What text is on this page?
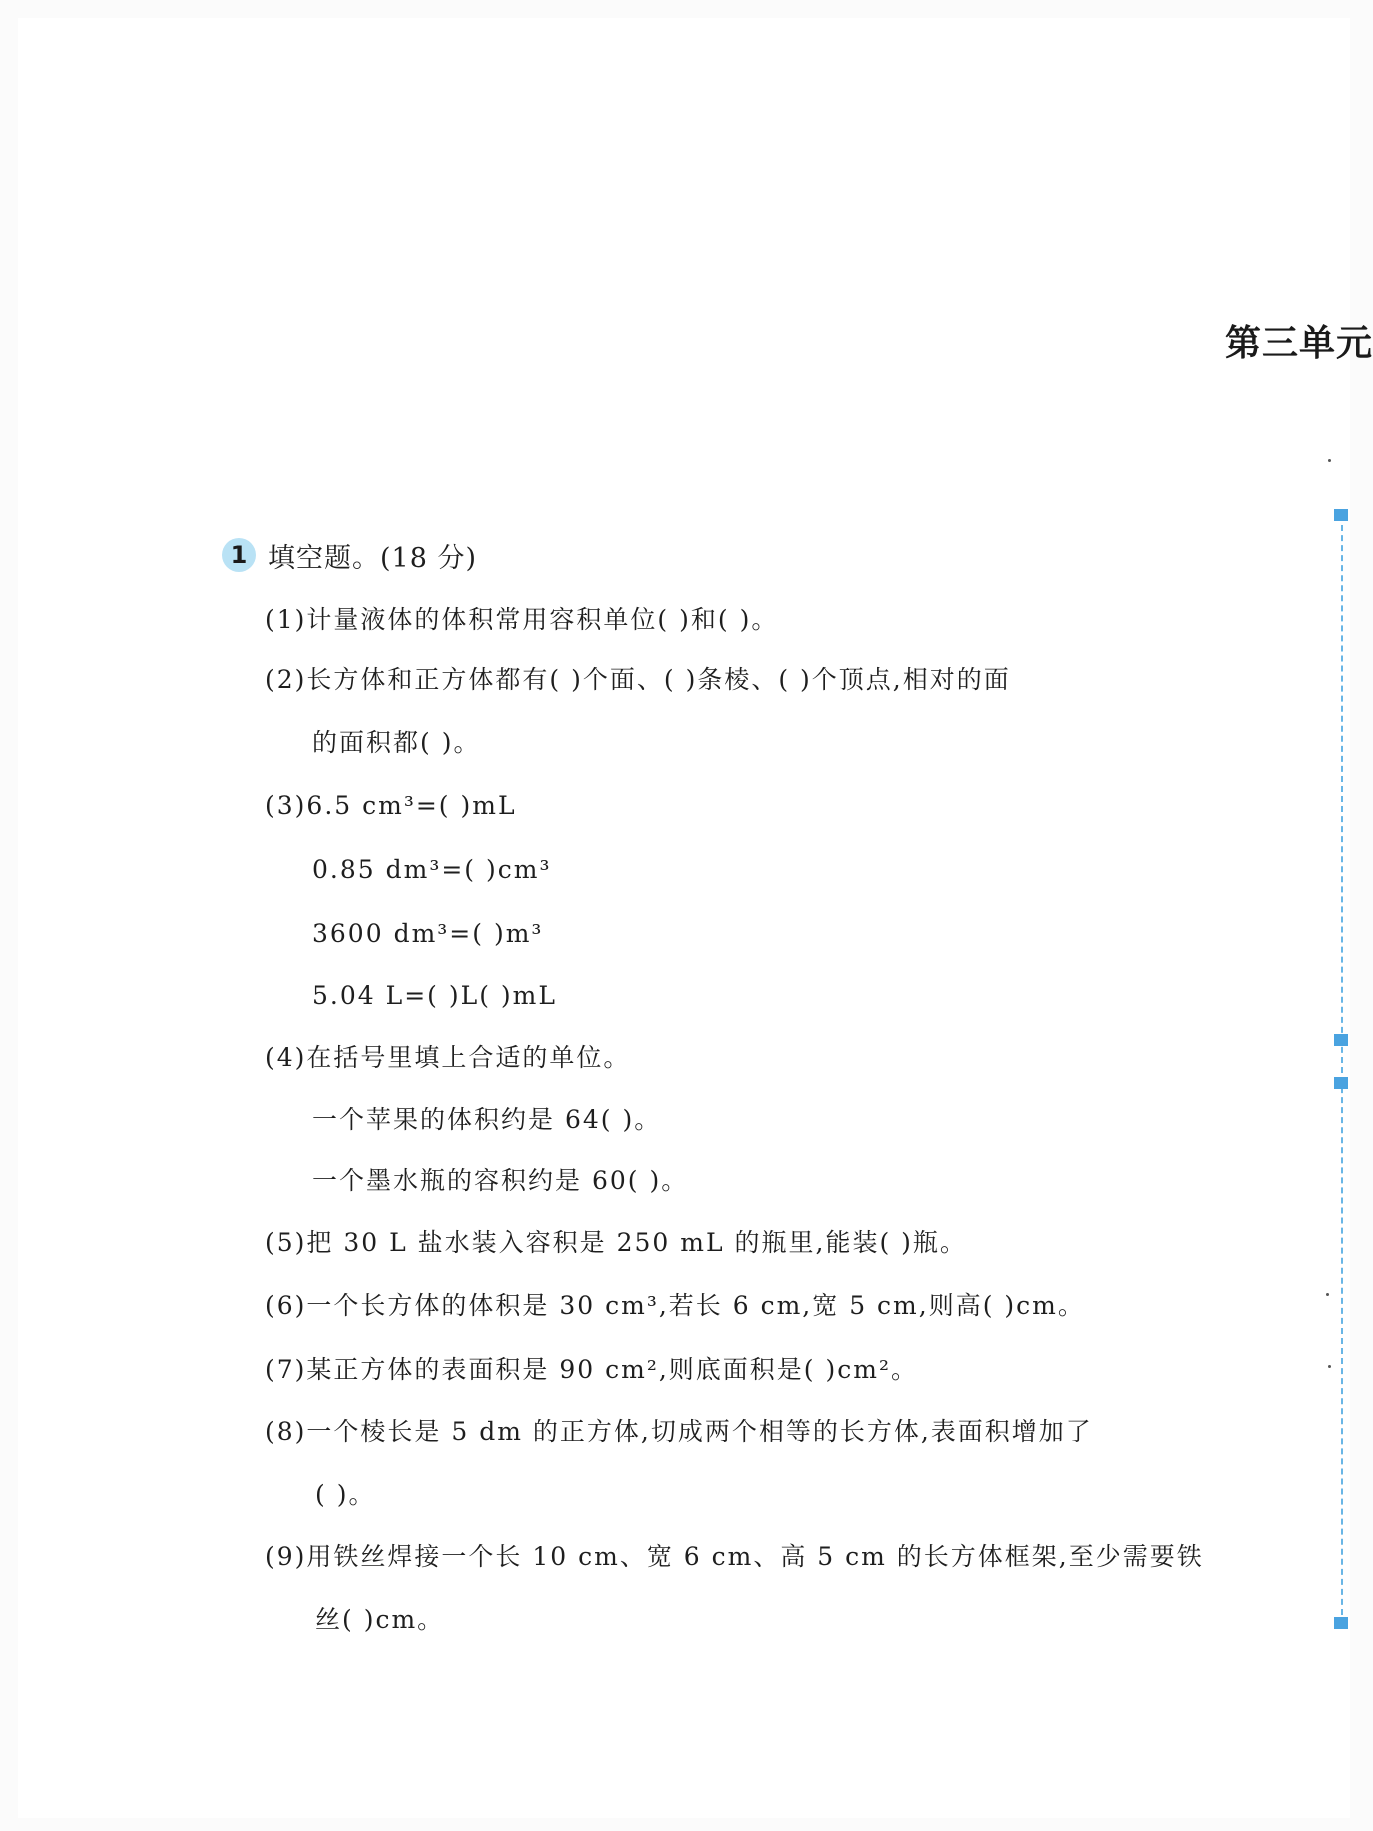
第三单元
1 填空题。(18 分)
(1)计量液体的体积常用容积单位( )和( )。
(2)长方体和正方体都有( )个面、( )条棱、( )个顶点,相对的面
的面积都( )。
(3)6.5 cm³=( )mL
0.85 dm³=( )cm³
3600 dm³=( )m³
5.04 L=( )L( )mL
(4)在括号里填上合适的单位。
一个苹果的体积约是 64( )。
一个墨水瓶的容积约是 60( )。
(5)把 30 L 盐水装入容积是 250 mL 的瓶里,能装( )瓶。
(6)一个长方体的体积是 30 cm³,若长 6 cm,宽 5 cm,则高( )cm。
(7)某正方体的表面积是 90 cm²,则底面积是( )cm²。
(8)一个棱长是 5 dm 的正方体,切成两个相等的长方体,表面积增加了
( )。
(9)用铁丝焊接一个长 10 cm、宽 6 cm、高 5 cm 的长方体框架,至少需要铁
丝( )cm。
